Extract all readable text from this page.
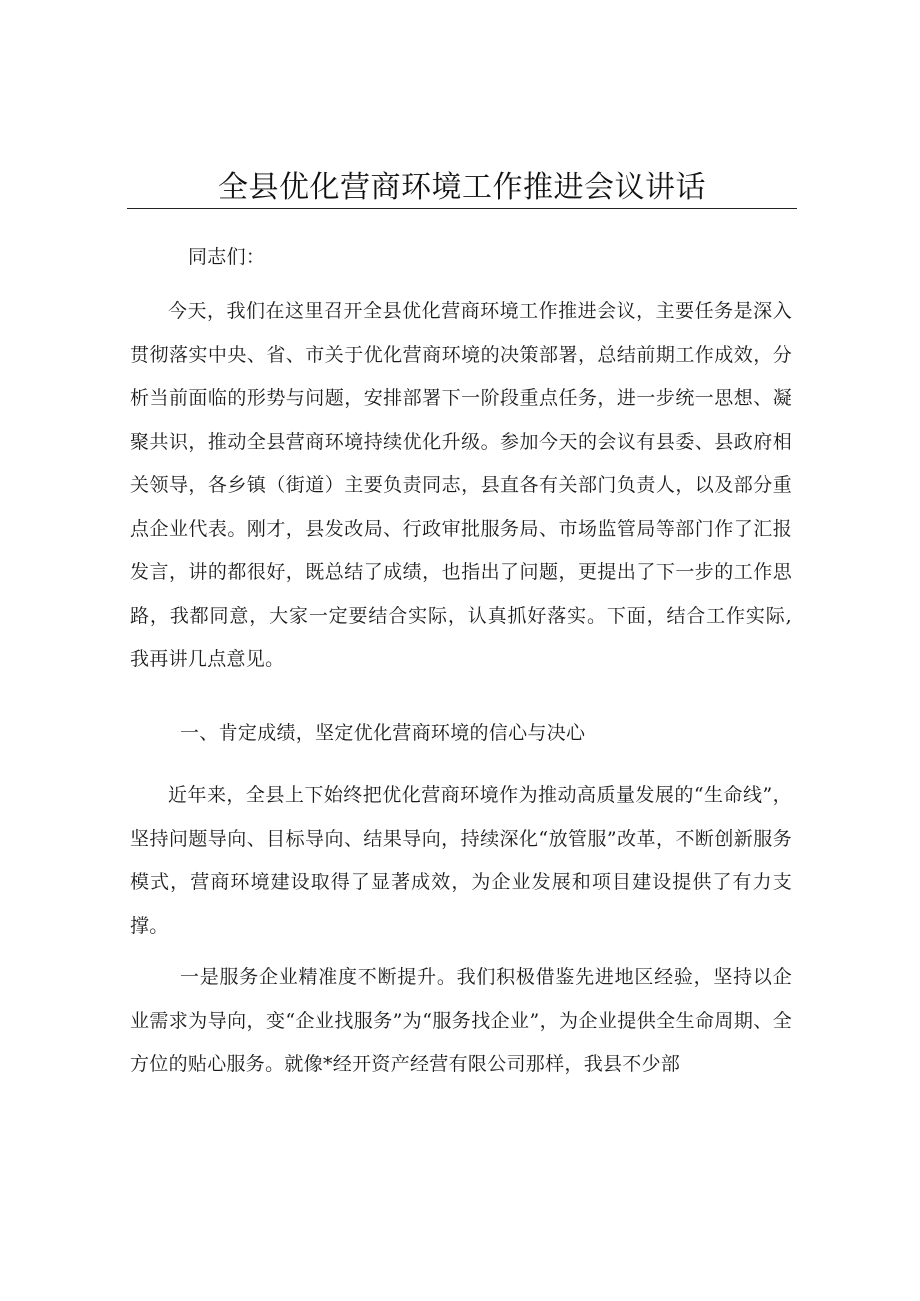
全县优化营商环境工作推进会议讲话

同志们：

今天，我们在这里召开全县优化营商环境工作推进会议，主要任务是深入贯彻落实中央、省、市关于优化营商环境的决策部署，总结前期工作成效，分析当前面临的形势与问题，安排部署下一阶段重点任务，进一步统一思想、凝聚共识，推动全县营商环境持续优化升级。参加今天的会议有县委、县政府相关领导，各乡镇（街道）主要负责同志，县直各有关部门负责人，以及部分重点企业代表。刚才，县发改局、行政审批服务局、市场监管局等部门作了汇报发言，讲的都很好，既总结了成绩，也指出了问题，更提出了下一步的工作思路，我都同意，大家一定要结合实际，认真抓好落实。下面，结合工作实际,我再讲几点意见。

一、肯定成绩，坚定优化营商环境的信心与决心

近年来，全县上下始终把优化营商环境作为推动高质量发展的“生命线”，坚持问题导向、目标导向、结果导向，持续深化“放管服”改革，不断创新服务模式，营商环境建设取得了显著成效，为企业发展和项目建设提供了有力支撑。

一是服务企业精准度不断提升。我们积极借鉴先进地区经验，坚持以企业需求为导向，变“企业找服务”为“服务找企业”，为企业提供全生命周期、全方位的贴心服务。就像*经开资产经营有限公司那样，我县不少部
